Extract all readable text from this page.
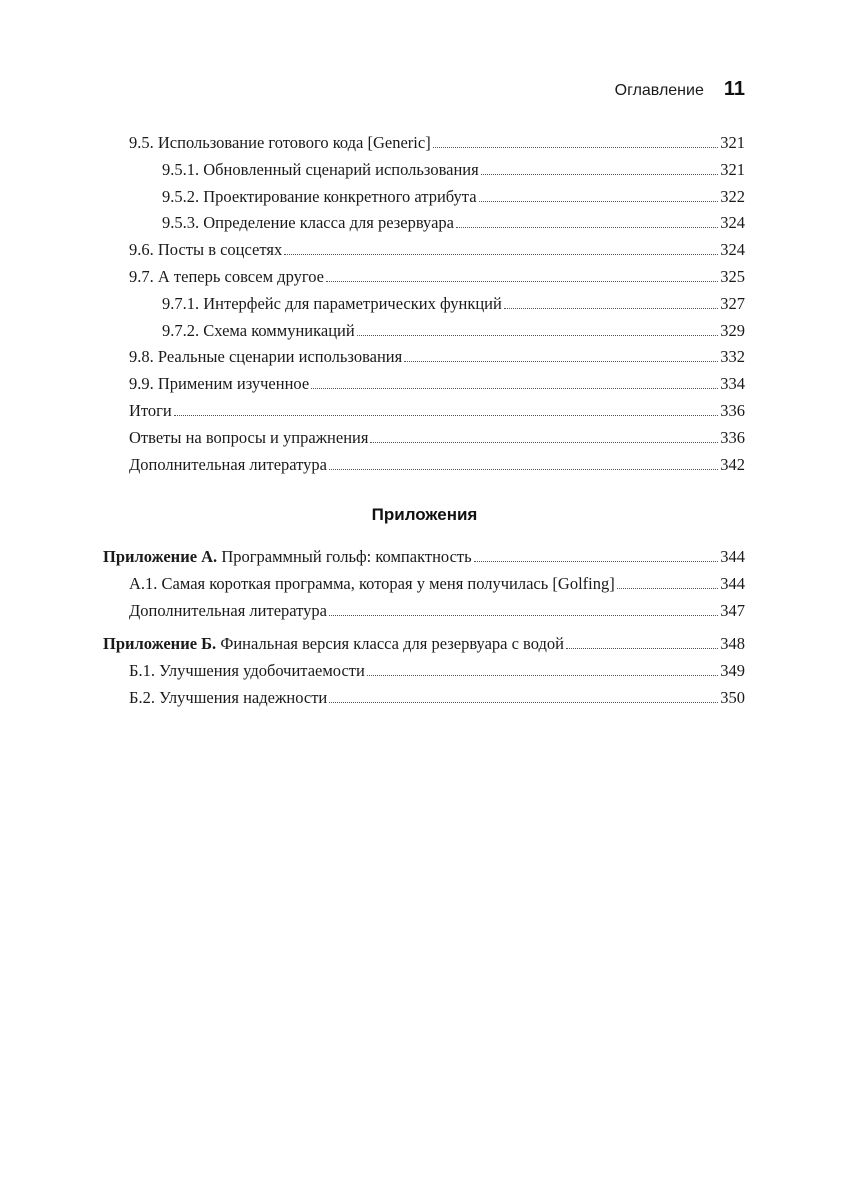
Оглавление 11
9.5. Использование готового кода [Generic]	321
9.5.1. Обновленный сценарий использования	321
9.5.2. Проектирование конкретного атрибута	322
9.5.3. Определение класса для резервуара	324
9.6. Посты в соцсетях	324
9.7. А теперь совсем другое	325
9.7.1. Интерфейс для параметрических функций	327
9.7.2. Схема коммуникаций	329
9.8. Реальные сценарии использования	332
9.9. Применим изученное	334
Итоги	336
Ответы на вопросы и упражнения	336
Дополнительная литература	342
Приложения
Приложение А. Программный гольф: компактность	344
А.1. Самая короткая программа, которая у меня получилась [Golfing]	344
Дополнительная литература	347
Приложение Б. Финальная версия класса для резервуара с водой	348
Б.1. Улучшения удобочитаемости	349
Б.2. Улучшения надежности	350
